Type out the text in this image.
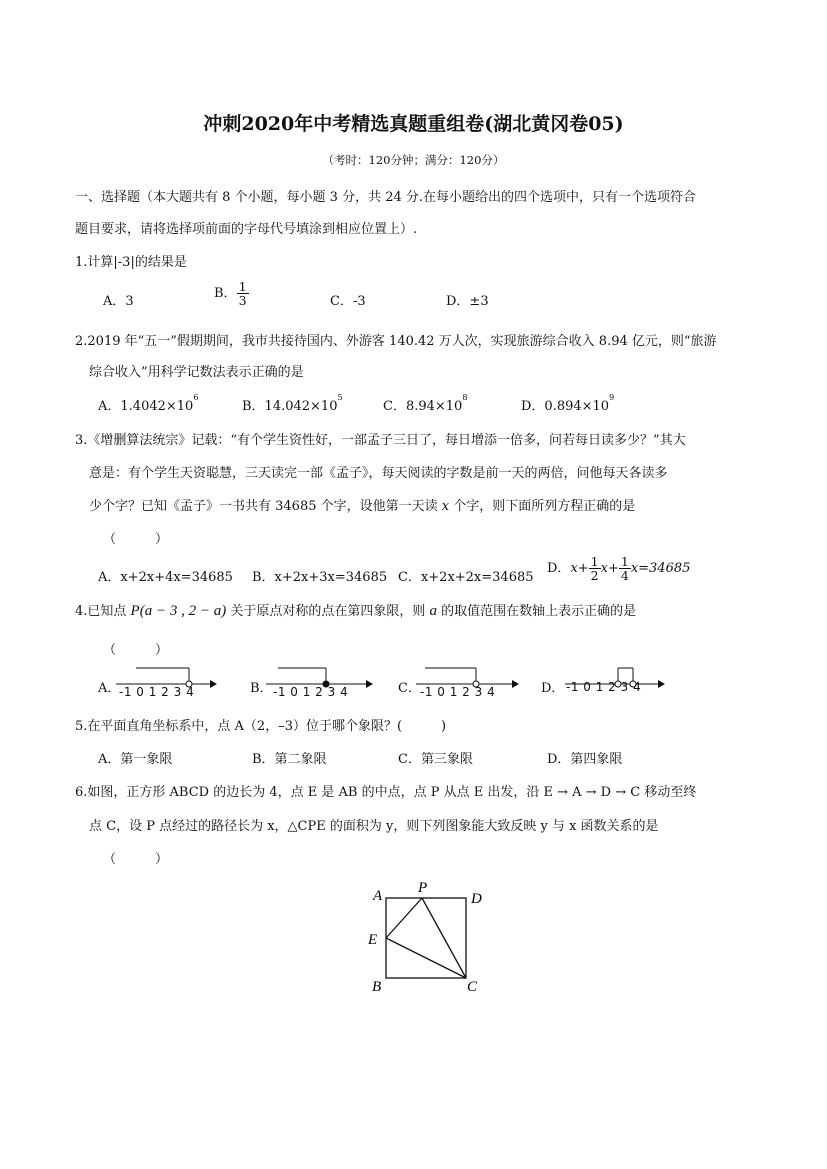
冲刺2020年中考精选真题重组卷(湖北黄冈卷05)
（考时：120分钟；满分：120分）
一、选择题（本大题共有 8 个小题，每小题 3 分，共 24 分.在每小题给出的四个选项中，只有一个选项符合
题目要求，请将选择项前面的字母代号填涂到相应位置上）.
1.计算|-3|的结果是
A．3
B． $\frac{1}{3}$	C．-3	D．±3
2.2019 年“五一”假期期间，我市共接待国内、外游客 140.42 万人次，实现旅游综合收入 8.94 亿元，则“旅游
综合收入”用科学记数法表示正确的是
A．$1.4042\times 10^6$
B．$14.042\times 10^5$
C．$8.94\times 10^8$
D．$0.894\times 10^9$
3.《增删算法统宗》记载：“有个学生资性好，一部孟子三日了，每日增添一倍多，问若每日读多少？”其大
意是：有个学生天资聪慧，三天读完一部《孟子》，每天阅读的字数是前一天的两倍，问他每天各读多
少个字？已知《孟子》一书共有 34685 个字，设他第一天读 x 个字，则下面所列方程正确的是
（　　　）
A．x+2x+4x=34685 B．x+2x+3x=34685 C．x+2x+2x=34685
D．$x+ \frac{1}{2} x+ \frac{1}{4} x=34685$
4.已知点 P(a − 3 , 2 − a) 关于原点对称的点在第四象限，则 a 的取值范围在数轴上表示正确的是
（　　　）
A．	B．	C．	D．
-1 0 1 2 3 4	-1 0 1 2 3 4	-1 0 1 2 3 4	-1 0 1 2 3 4
5.在平面直角坐标系中，点 A（2，–3）位于哪个象限？(　　　)
A．第一象限	B．第二象限	C．第三象限	D．第四象限
6.如图，正方形 ABCD 的边长为 4，点 E 是 AB 的中点，点 P 从点 E 出发，沿 E → A → D → C 移动至终
点 C，设 P 点经过的路径长为 x，△CPE 的面积为 y，则下列图象能大致反映 y 与 x 函数关系的是
（　　　）
A P
D
E
B	C
